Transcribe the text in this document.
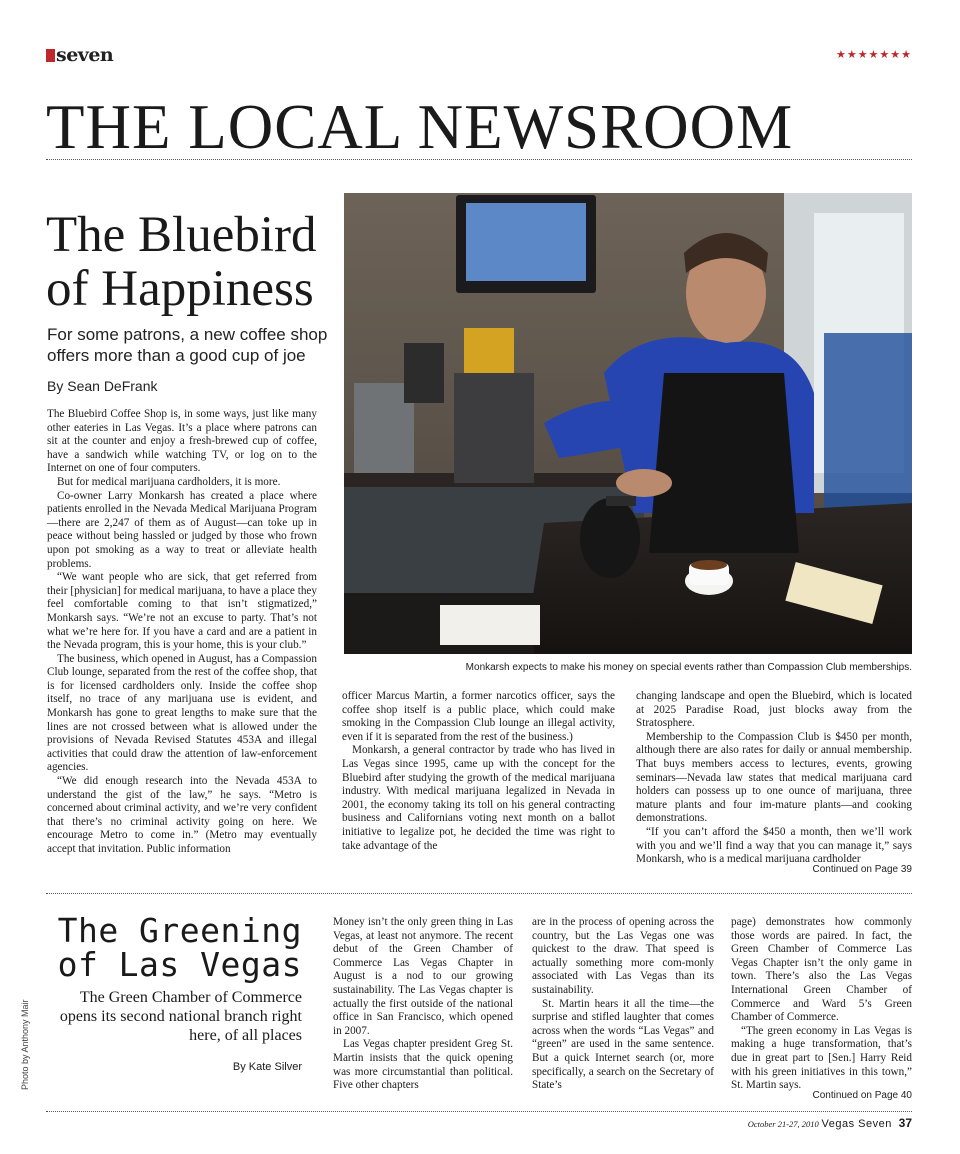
seven	★★★★★★★
THE LOCAL NEWSROOM
The Bluebird of Happiness
For some patrons, a new coffee shop offers more than a good cup of joe
By Sean DeFrank

The Bluebird Coffee Shop is, in some ways, just like many other eateries in Las Vegas. It’s a place where patrons can sit at the counter and enjoy a fresh-brewed cup of coffee, have a sandwich while watching TV, or log on to the Internet on one of four computers.

But for medical marijuana cardholders, it is more.

Co-owner Larry Monkarsh has created a place where patients enrolled in the Nevada Medical Marijuana Program—there are 2,247 of them as of August—can toke up in peace without being hassled or judged by those who frown upon pot smoking as a way to treat or alleviate health problems.

“We want people who are sick, that get referred from their [physician] for medical marijuana, to have a place they feel comfortable coming to that isn’t stigmatized,” Monkarsh says. “We’re not an excuse to party. That’s not what we’re here for. If you have a card and are a patient in the Nevada program, this is your home, this is your club.”

The business, which opened in August, has a Compassion Club lounge, separated from the rest of the coffee shop, that is for licensed cardholders only. Inside the coffee shop itself, no trace of any marijuana use is evident, and Monkarsh has gone to great lengths to make sure that the lines are not crossed between what is allowed under the provisions of Nevada Revised Statutes 453A and illegal activities that could draw the attention of law-enforcement agencies.

“We did enough research into the Nevada 453A to understand the gist of the law,” he says. “Metro is concerned about criminal activity, and we’re very confident that there’s no criminal activity going on here. We encourage Metro to come in.” (Metro may eventually accept that invitation. Public information

Monkarsh expects to make his money on special events rather than Compassion Club memberships.

officer Marcus Martin, a former narcotics officer, says the coffee shop itself is a public place, which could make smoking in the Compassion Club lounge an illegal activity, even if it is separated from the rest of the business.)

Monkarsh, a general contractor by trade who has lived in Las Vegas since 1995, came up with the concept for the Bluebird after studying the growth of the medical marijuana industry. With medical marijuana legalized in Nevada in 2001, the economy taking its toll on his general contracting business and Californians voting next month on a ballot initiative to legalize pot, he decided the time was right to take advantage of the

changing landscape and open the Bluebird, which is located at 2025 Paradise Road, just blocks away from the Stratosphere.

Membership to the Compassion Club is $450 per month, although there are also rates for daily or annual membership. That buys members access to lectures, events, growing seminars—Nevada law states that medical marijuana card holders can possess up to one ounce of marijuana, three mature plants and four im-mature plants—and cooking demonstrations.

“If you can’t afford the $450 a month, then we’ll work with you and we’ll find a way that you can manage it,” says Monkarsh, who is a medical marijuana cardholder

Continued on Page 39
The Greening
of Las Vegas
The Green Chamber of Commerce opens its second national branch right here, of all places
By Kate Silver
Photo by Anthony Mair

Money isn’t the only green thing in Las Vegas, at least not anymore. The recent debut of the Green Chamber of Commerce Las Vegas Chapter in August is a nod to our growing sustainability. The Las Vegas chapter is actually the first outside of the national office in San Francisco, which opened in 2007.

Las Vegas chapter president Greg St. Martin insists that the quick opening was more circumstantial than political. Five other chapters

are in the process of opening across the country, but the Las Vegas one was quickest to the draw. That speed is actually something more com-monly associated with Las Vegas than its sustainability.

St. Martin hears it all the time—the surprise and stifled laughter that comes across when the words “Las Vegas” and “green” are used in the same sentence. But a quick Internet search (or, more specifically, a search on the Secretary of State’s

page) demonstrates how commonly those words are paired. In fact, the Green Chamber of Commerce Las Vegas Chapter isn’t the only game in town. There’s also the Las Vegas International Green Chamber of Commerce and Ward 5’s Green Chamber of Commerce.

“The green economy in Las Vegas is making a huge transformation, that’s due in great part to [Sen.] Harry Reid with his green initiatives in this town,” St. Martin says.

Continued on Page 40
October 21-27, 2010 Vegas Seven 37
